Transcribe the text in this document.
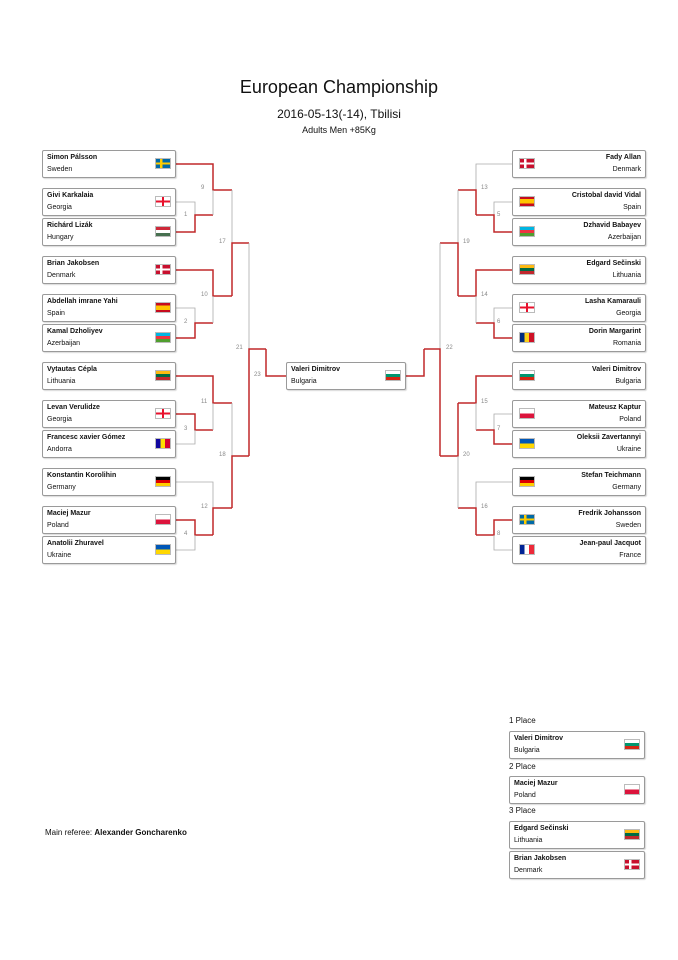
European Championship
2016-05-13(-14), Tbilisi
Adults Men +85Kg
Simon Pálsson
Sweden
Givi Karkalaia
Georgia
Richárd Lizák
Hungary
Brian Jakobsen
Denmark
Abdellah imrane Yahi
Spain
Kamal Dzholiyev
Azerbaijan
Vytautas Cépla
Lithuania
Levan Verulidze
Georgia
Francesc xavier Gómez
Andorra
Konstantin Korolihin
Germany
Maciej Mazur
Poland
Anatolii Zhuravel
Ukraine
Fady Allan
Denmark
Cristobal david Vidal
Spain
Dzhavid Babayev
Azerbaijan
Edgard Sečinski
Lithuania
Lasha Kamarauli
Georgia
Dorin Margarint
Romania
Valeri Dimitrov
Bulgaria
Mateusz Kaptur
Poland
Oleksii Zavertannyi
Ukraine
Stefan Teichmann
Germany
Fredrik Johansson
Sweden
Jean-paul Jacquot
France
Valeri Dimitrov
Bulgaria
1 Place
2 Place
3 Place
Valeri Dimitrov
Bulgaria
Maciej Mazur
Poland
Edgard Sečinski
Lithuania
Brian Jakobsen
Denmark
Main referee: Alexander Goncharenko
1
9
2
10
17
3
11
4
12
18
21
23
5
13
6
14
19
7
15
8
16
20
22
